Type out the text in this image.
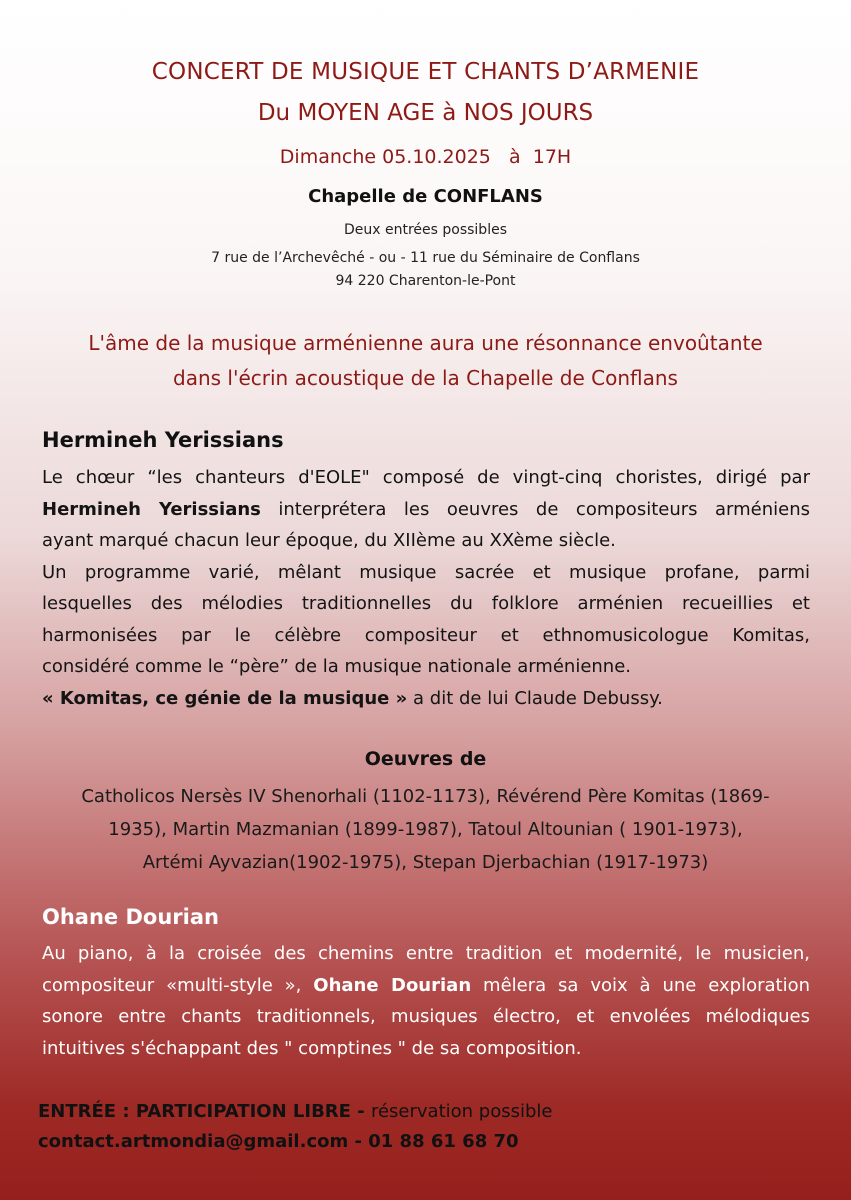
CONCERT DE MUSIQUE ET CHANTS D’ARMENIE
Du MOYEN AGE à NOS JOURS
Dimanche 05.10.2025   à  17H
Chapelle de CONFLANS
Deux entrées possibles
7 rue de l’Archevêché - ou - 11 rue du Séminaire de Conflans
94 220 Charenton-le-Pont
L'âme de la musique arménienne aura une résonnance envoûtante
dans l'écrin acoustique de la Chapelle de Conflans
Hermineh Yerissians
Le chœur “les chanteurs d'EOLE" composé de vingt-cinq choristes, dirigé par
Hermineh Yerissians interprétera les oeuvres de compositeurs arméniens
ayant marqué chacun leur époque, du XIIème au XXème siècle.
Un programme varié, mêlant musique sacrée et musique profane, parmi
lesquelles des mélodies traditionnelles du folklore arménien recueillies et
harmonisées par le célèbre compositeur et ethnomusicologue Komitas,
considéré comme le “père” de la musique nationale arménienne.
« Komitas, ce génie de la musique » a dit de lui Claude Debussy.
Oeuvres de
Catholicos Nersès IV Shenorhali (1102-1173), Révérend Père Komitas (1869-
1935), Martin Mazmanian (1899-1987), Tatoul Altounian ( 1901-1973),
Artémi Ayvazian(1902-1975), Stepan Djerbachian (1917-1973)
Ohane Dourian
Au piano, à la croisée des chemins entre tradition et modernité, le musicien,
compositeur «multi-style », Ohane Dourian mêlera sa voix à une exploration
sonore entre chants traditionnels, musiques électro, et envolées mélodiques
intuitives s'échappant des " comptines " de sa composition.
ENTRÉE : PARTICIPATION LIBRE - réservation possible
contact.artmondia@gmail.com - 01 88 61 68 70
